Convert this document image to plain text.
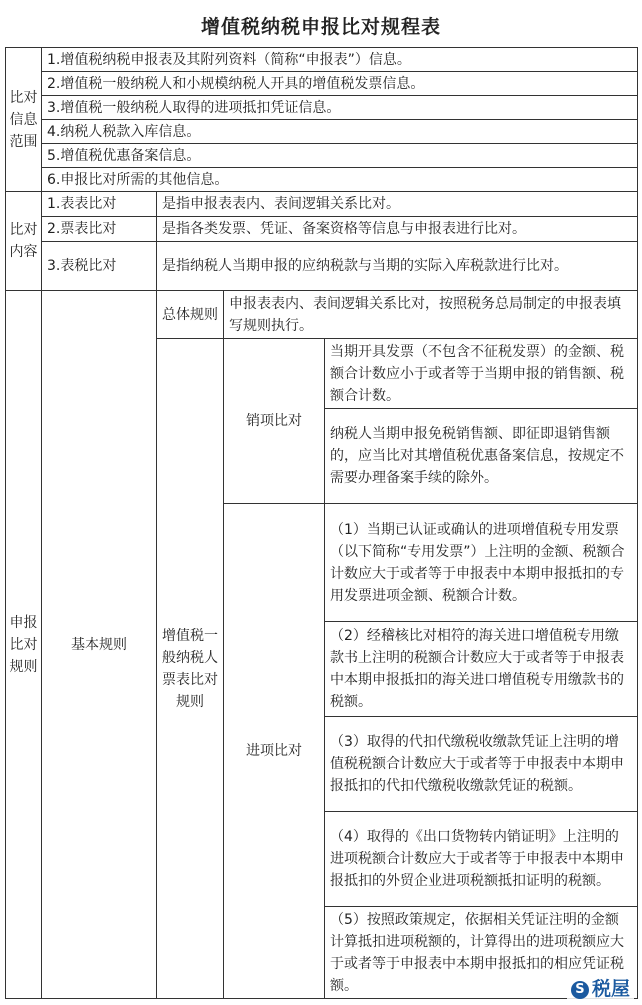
增值税纳税申报比对规程表
比对信息范围	1.增值税纳税申报表及其附列资料（简称“申报表”）信息。			
	2.增值税一般纳税人和小规模纳税人开具的增值税发票信息。			
	3.增值税一般纳税人取得的进项抵扣凭证信息。			
	4.纳税人税款入库信息。			
	5.增值税优惠备案信息。			
	6.申报比对所需的其他信息。			
比对内容	1.表表比对	是指申报表表内、表间逻辑关系比对。		
	2.票表比对	是指各类发票、凭证、备案资格等信息与申报表进行比对。		
	3.表税比对	是指纳税人当期申报的应纳税款与当期的实际入库税款进行比对。		
申报比对规则	基本规则	总体规则	申报表表内、表间逻辑关系比对，按照税务总局制定的申报表填写规则执行。	
		增值税一般纳税人票表比对规则	销项比对	当期开具发票（不包含不征税发票）的金额、税额合计数应小于或者等于当期申报的销售额、税额合计数。
				纳税人当期申报免税销售额、即征即退销售额的，应当比对其增值税优惠备案信息，按规定不需要办理备案手续的除外。
			进项比对	（1）当期已认证或确认的进项增值税专用发票（以下简称“专用发票”）上注明的金额、税额合计数应大于或者等于申报表中本期申报抵扣的专用发票进项金额、税额合计数。
				（2）经稽核比对相符的海关进口增值税专用缴款书上注明的税额合计数应大于或者等于申报表中本期申报抵扣的海关进口增值税专用缴款书的税额。
				（3）取得的代扣代缴税收缴款凭证上注明的增值税税额合计数应大于或者等于申报表中本期申报抵扣的代扣代缴税收缴款凭证的税额。
				（4）取得的《出口货物转内销证明》上注明的进项税额合计数应大于或者等于申报表中本期申报抵扣的外贸企业进项税额抵扣证明的税额。
				（5）按照政策规定，依据相关凭证注明的金额计算抵扣进项税额的，计算得出的进项税额应大于或者等于申报表中本期申报抵扣的相应凭证税额。	S 税屋
